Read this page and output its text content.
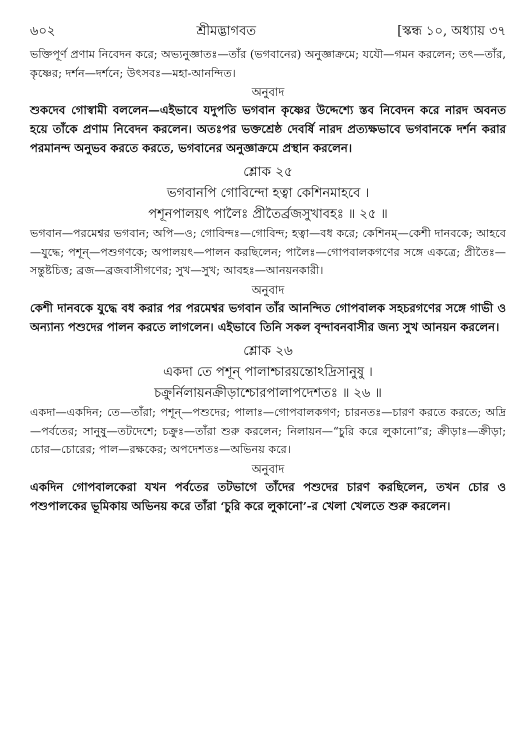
৬০২	শ্রীমদ্ভাগবত	[স্কন্ধ ১০, অধ্যায় ৩৭

ভক্তিপূর্ণ প্রণাম নিবেদন করে; অভ্যনুজ্ঞাতঃ—তাঁর (ভগবানের) অনুজ্ঞাক্রমে; যযৌ—গমন করলেন; তৎ—তাঁর, কৃষ্ণের; দর্শন—দর্শনে; উৎসবঃ—মহা-আনন্দিত।

অনুবাদ

শুকদেব গোস্বামী বললেন—এইভাবে যদুপতি ভগবান কৃষ্ণের উদ্দেশ্যে স্তব নিবেদন করে নারদ অবনত হয়ে তাঁকে প্রণাম নিবেদন করলেন। অতঃপর ভক্তশ্রেষ্ঠ দেবর্ষি নারদ প্রত্যক্ষভাবে ভগবানকে দর্শন করার পরমানন্দ অনুভব করতে করতে, ভগবানের অনুজ্ঞাক্রমে প্রস্থান করলেন।

শ্লোক ২৫

ভগবানপি গোবিন্দো হত্বা কেশিনমাহবে ।

পশূনপালয়ৎ পালৈঃ প্রীতৈর্ব্রজসুখাবহঃ ॥ ২৫ ॥

ভগবান—পরমেশ্বর ভগবান; অপি—ও; গোবিন্দঃ—গোবিন্দ; হত্বা—বধ করে; কেশিনম্—কেশী দানবকে; আহবে—যুদ্ধে; পশূন্—পশুগণকে; অপালয়ৎ—পালন করছিলেন; পালৈঃ—গোপবালকগণের সঙ্গে একত্রে; প্রীতৈঃ—সন্তুষ্টচিত্ত; ব্রজ—ব্রজবাসীগণের; সুখ—সুখ; আবহঃ—আনয়নকারী।

অনুবাদ

কেশী দানবকে যুদ্ধে বধ করার পর পরমেশ্বর ভগবান তাঁর আনন্দিত গোপবালক সহচরগণের সঙ্গে গাভী ও অন্যান্য পশুদের পালন করতে লাগলেন। এইভাবে তিনি সকল বৃন্দাবনবাসীর জন্য সুখ আনয়ন করলেন।

শ্লোক ২৬

একদা তে পশূন্ পালাশ্চারয়ন্তোঽদ্রিসানুষু ।

চক্রুর্নিলায়নক্রীড়াশ্চোরপালাপদেশতঃ ॥ ২৬ ॥

একদা—একদিন; তে—তাঁরা; পশূন্—পশুদের; পালাঃ—গোপবালকগণ; চারনতঃ—চারণ করতে করতে; অদ্রি—পর্বতের; সানুষু—তটদেশে; চক্রুঃ—তাঁরা শুরু করলেন; নিলায়ন—“চুরি করে লুকানো”র; ক্রীড়াঃ—ক্রীড়া; চোর—চোরের; পাল—রক্ষকের; অপদেশতঃ—অভিনয় করে।

অনুবাদ

একদিন গোপবালকেরা যখন পর্বতের তটভাগে তাঁদের পশুদের চারণ করছিলেন, তখন চোর ও পশুপালকের ভূমিকায় অভিনয় করে তাঁরা ‘চুরি করে লুকানো’-র খেলা খেলতে শুরু করলেন।
